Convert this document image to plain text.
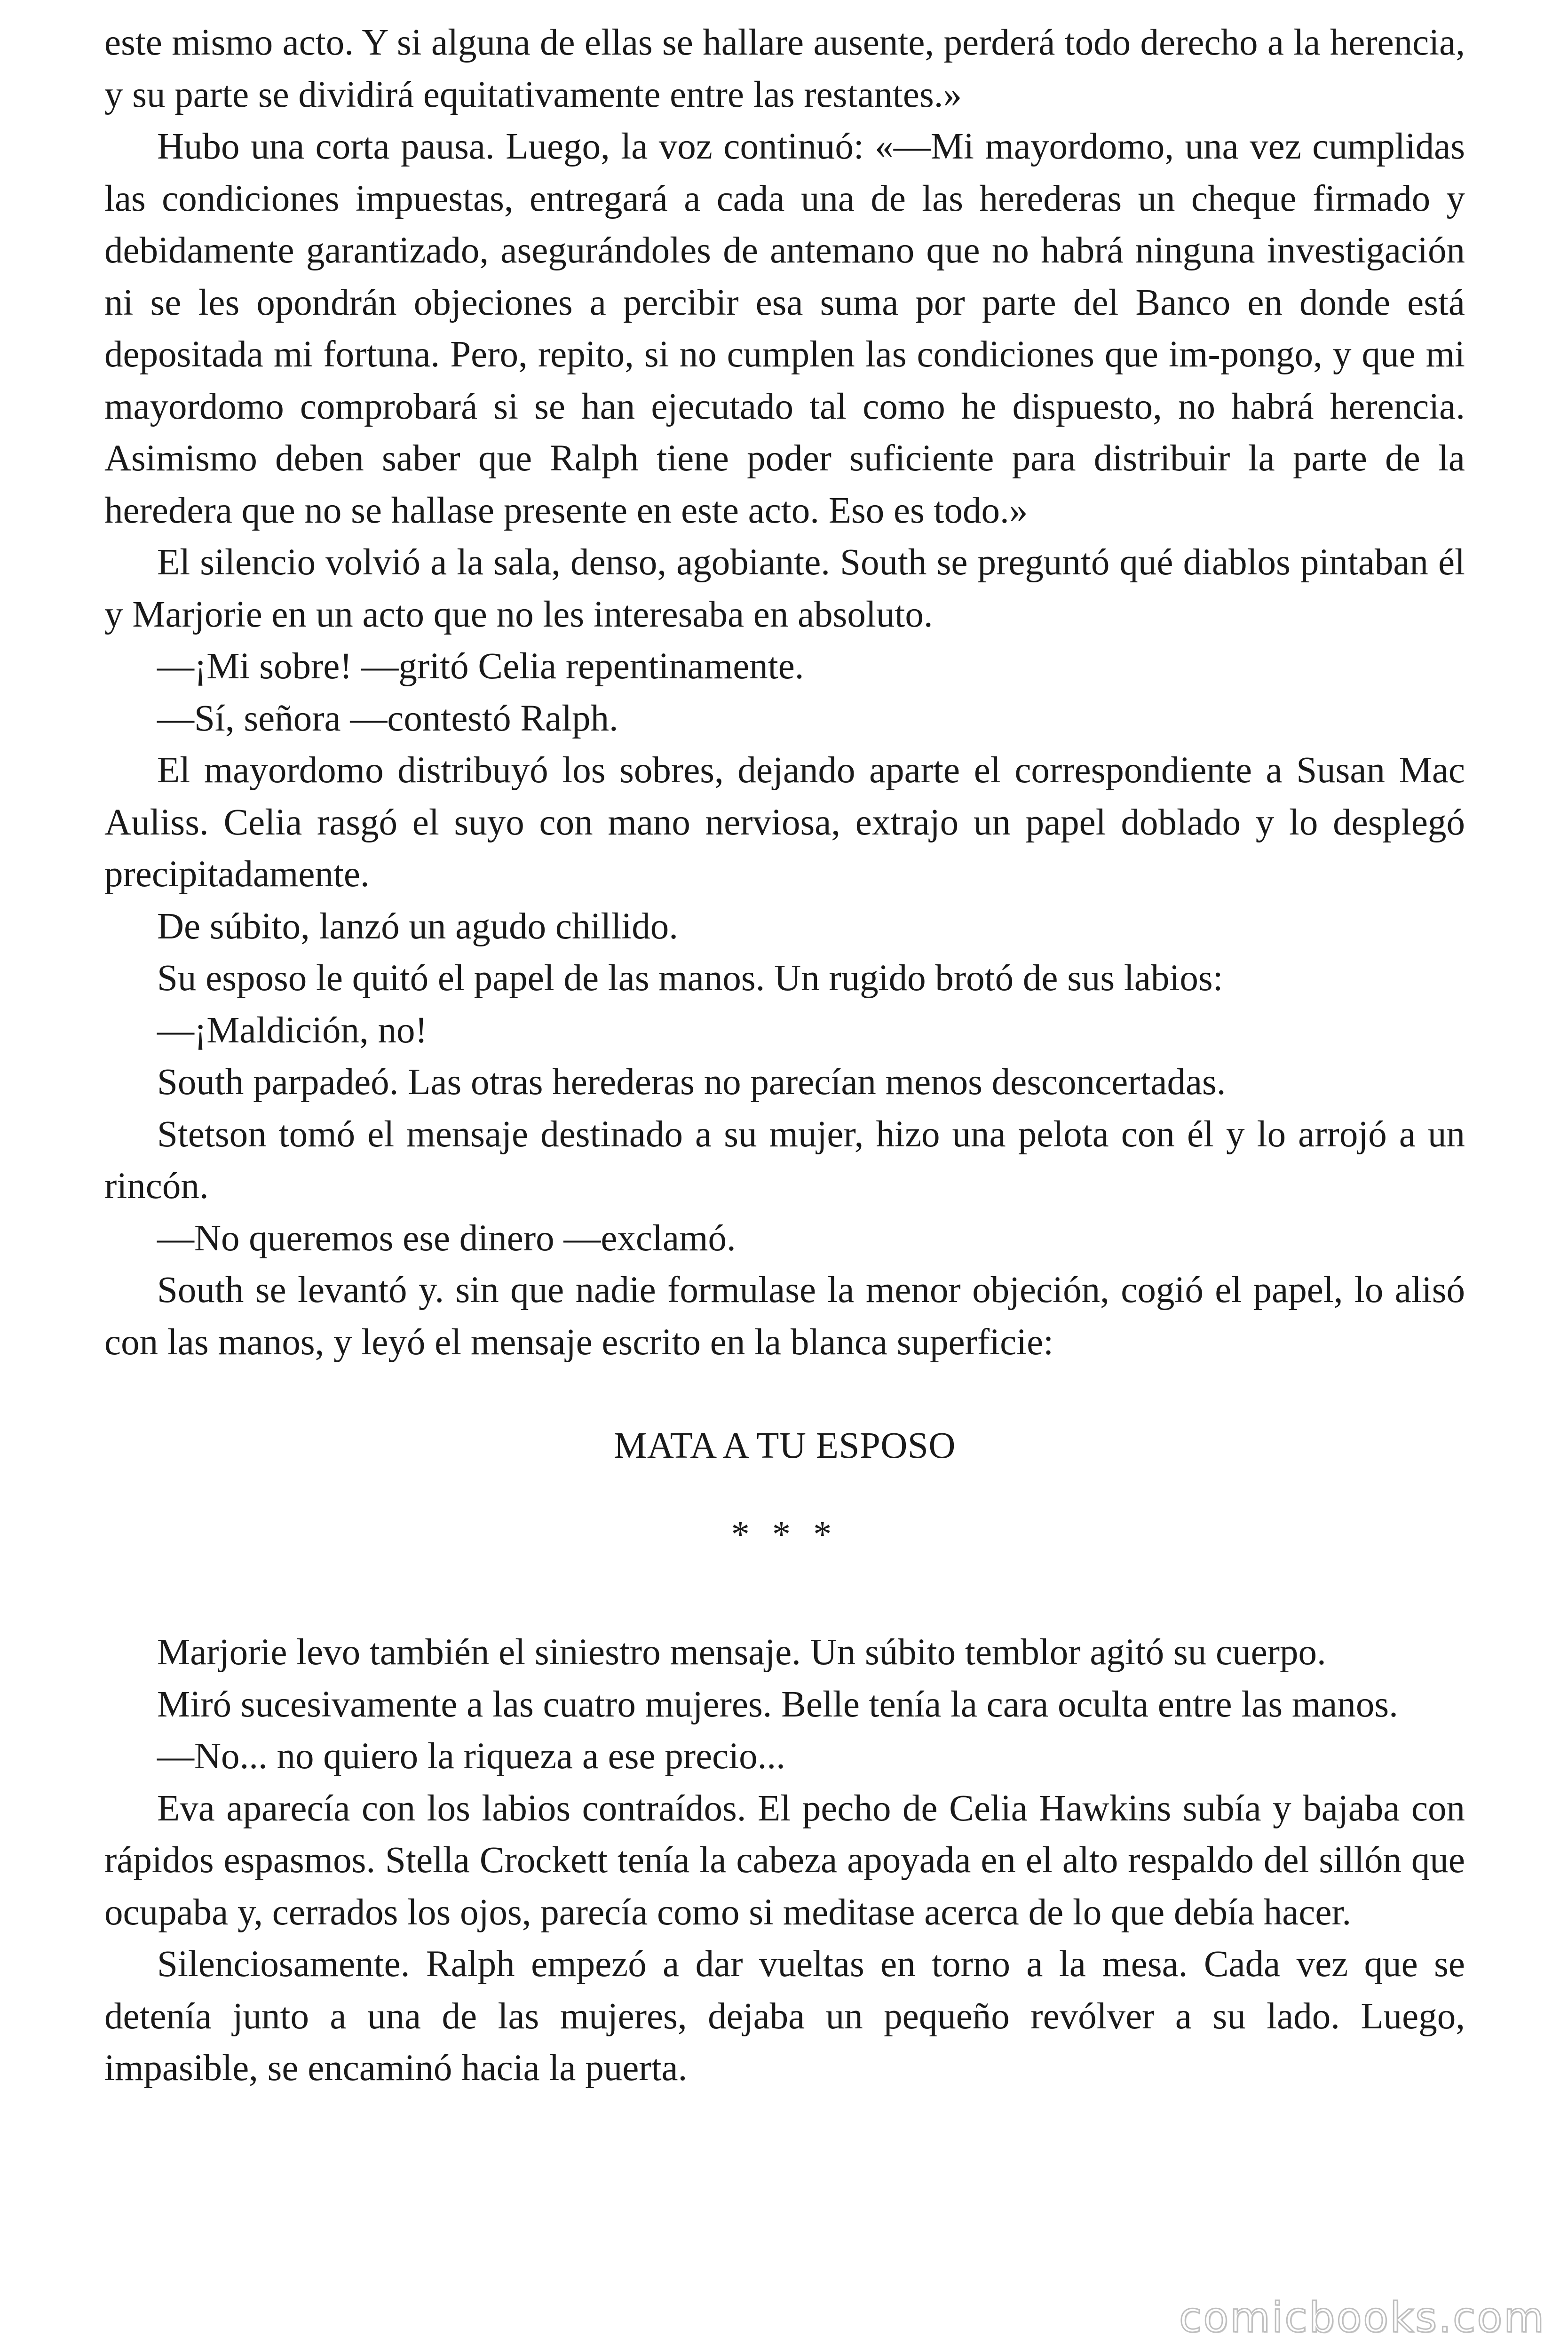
este mismo acto. Y si alguna de ellas se hallare ausente, perderá todo derecho a la herencia, y su parte se dividirá equitativamente entre las restantes.»

Hubo una corta pausa. Luego, la voz continuó: «—Mi mayordomo, una vez cumplidas las condiciones impuestas, entregará a cada una de las herederas un cheque firmado y debidamente garantizado, asegurándoles de antemano que no habrá ninguna investigación ni se les opondrán objeciones a percibir esa suma por parte del Banco en donde está depositada mi fortuna. Pero, repito, si no cumplen las condiciones que im-pongo, y que mi mayordomo comprobará si se han ejecutado tal como he dispuesto, no habrá herencia. Asimismo deben saber que Ralph tiene poder suficiente para distribuir la parte de la heredera que no se hallase presente en este acto. Eso es todo.»

El silencio volvió a la sala, denso, agobiante. South se preguntó qué diablos pintaban él y Marjorie en un acto que no les interesaba en absoluto.

—¡Mi sobre! —gritó Celia repentinamente.

—Sí, señora —contestó Ralph.

El mayordomo distribuyó los sobres, dejando aparte el correspondiente a Susan Mac Auliss. Celia rasgó el suyo con mano nerviosa, extrajo un papel doblado y lo desplegó precipitadamente.

De súbito, lanzó un agudo chillido.

Su esposo le quitó el papel de las manos. Un rugido brotó de sus labios:

—¡Maldición, no!

South parpadeó. Las otras herederas no parecían menos desconcertadas.

Stetson tomó el mensaje destinado a su mujer, hizo una pelota con él y lo arrojó a un rincón.

—No queremos ese dinero —exclamó.

South se levantó y. sin que nadie formulase la menor objeción, cogió el papel, lo alisó con las manos, y leyó el mensaje escrito en la blanca superficie:

MATA A TU ESPOSO

* * *

Marjorie levo también el siniestro mensaje. Un súbito temblor agitó su cuerpo.

Miró sucesivamente a las cuatro mujeres. Belle tenía la cara oculta entre las manos.

—No... no quiero la riqueza a ese precio...

Eva aparecía con los labios contraídos. El pecho de Celia Hawkins subía y bajaba con rápidos espasmos. Stella Crockett tenía la cabeza apoyada en el alto respaldo del sillón que ocupaba y, cerrados los ojos, parecía como si meditase acerca de lo que debía hacer.

Silenciosamente. Ralph empezó a dar vueltas en torno a la mesa. Cada vez que se detenía junto a una de las mujeres, dejaba un pequeño revólver a su lado. Luego, impasible, se encaminó hacia la puerta.

comicbooks.com
